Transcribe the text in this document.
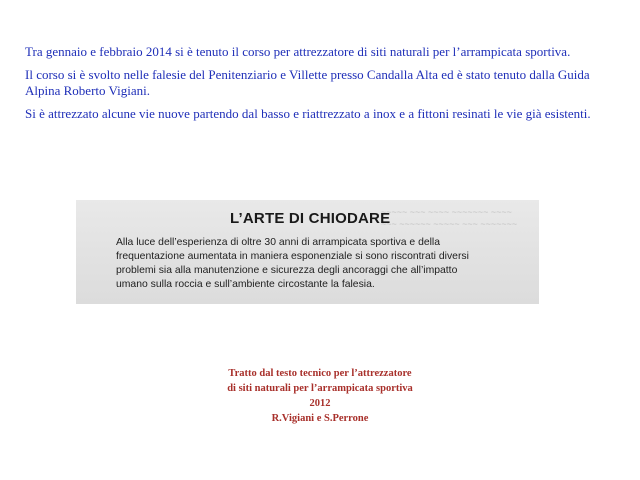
Tra gennaio e febbraio 2014 si è tenuto il corso per attrezzatore di siti naturali per l’arrampicata sportiva.

Il corso si è svolto nelle falesie del Penitenziario e Villette presso Candalla Alta ed è stato tenuto dalla Guida Alpina Roberto Vigiani.

Si è attrezzato alcune vie nuove partendo dal basso e riattrezzato a inox e a fittoni resinati le vie già esistenti.

~~~~~ ~~~ ~~~~ ~~~~~~~ ~~~~
~~~ ~~~~~~ ~~~~~ ~~~ ~~~~~~~
L’ARTE DI CHIODARE
Alla luce dell’esperienza di oltre 30 anni di arrampicata sportiva e della
frequentazione aumentata in maniera esponenziale si sono riscontrati diversi
problemi sia alla manutenzione e sicurezza degli ancoraggi che all’impatto
umano sulla roccia e sull’ambiente circostante la falesia.
Tratto dal testo tecnico per l’attrezzatore
di siti naturali per l’arrampicata sportiva
2012
R.Vigiani e S.Perrone
